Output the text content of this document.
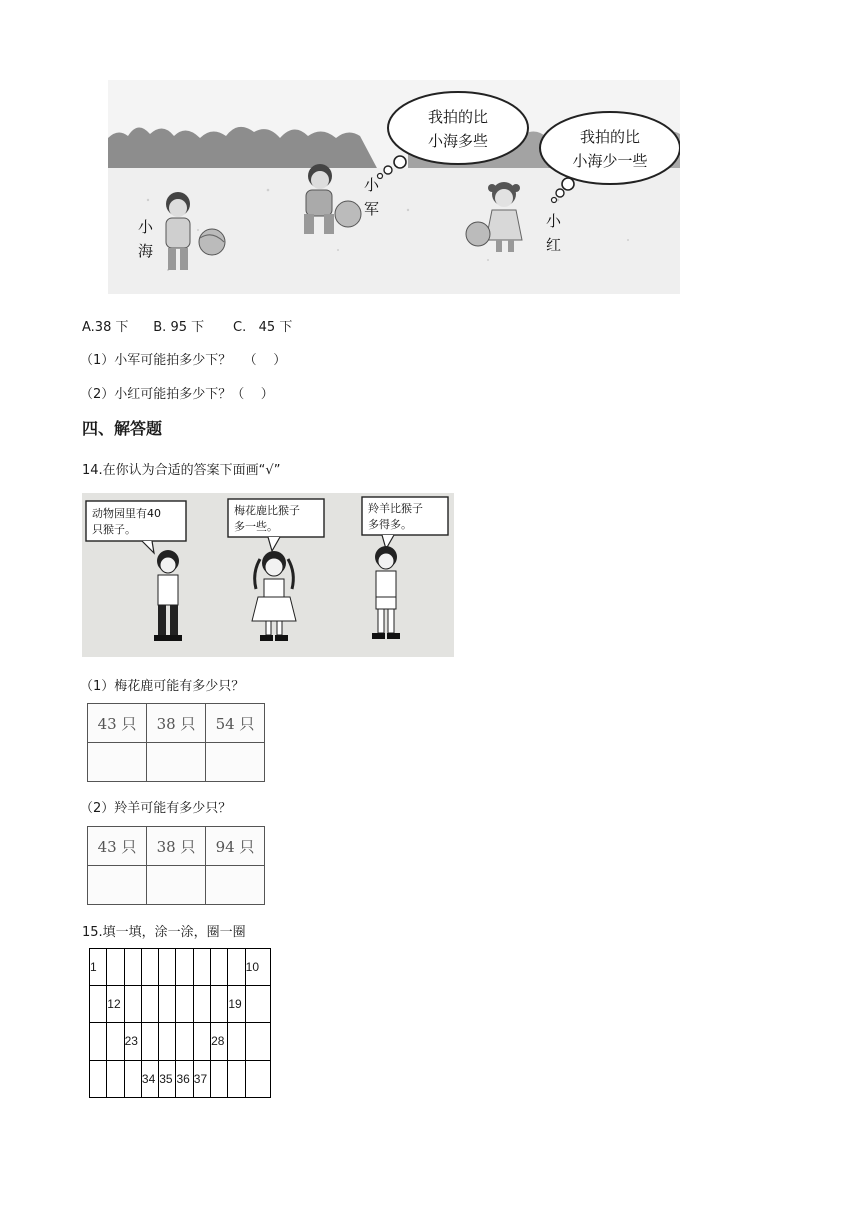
我拍的比
小海多些	我拍的比
小海少一些
小
海
小
军
小
红
A.38 下      B. 95 下       C.   45 下
（1）小军可能拍多少下？   （    ）
（2）小红可能拍多少下？（    ）
四、解答题
14.在你认为合适的答案下面画“√”
动物园里有40
只猴子。
梅花鹿比猴子
多一些。
羚羊比猴子
多得多。
（1）梅花鹿可能有多少只？
43 只	38 只	54 只

（2）羚羊可能有多少只？
43 只	38 只	94 只

15.填一填，涂一涂，圈一圈
1									10
	12							19	
		23					28		
			34	35	36	37			
